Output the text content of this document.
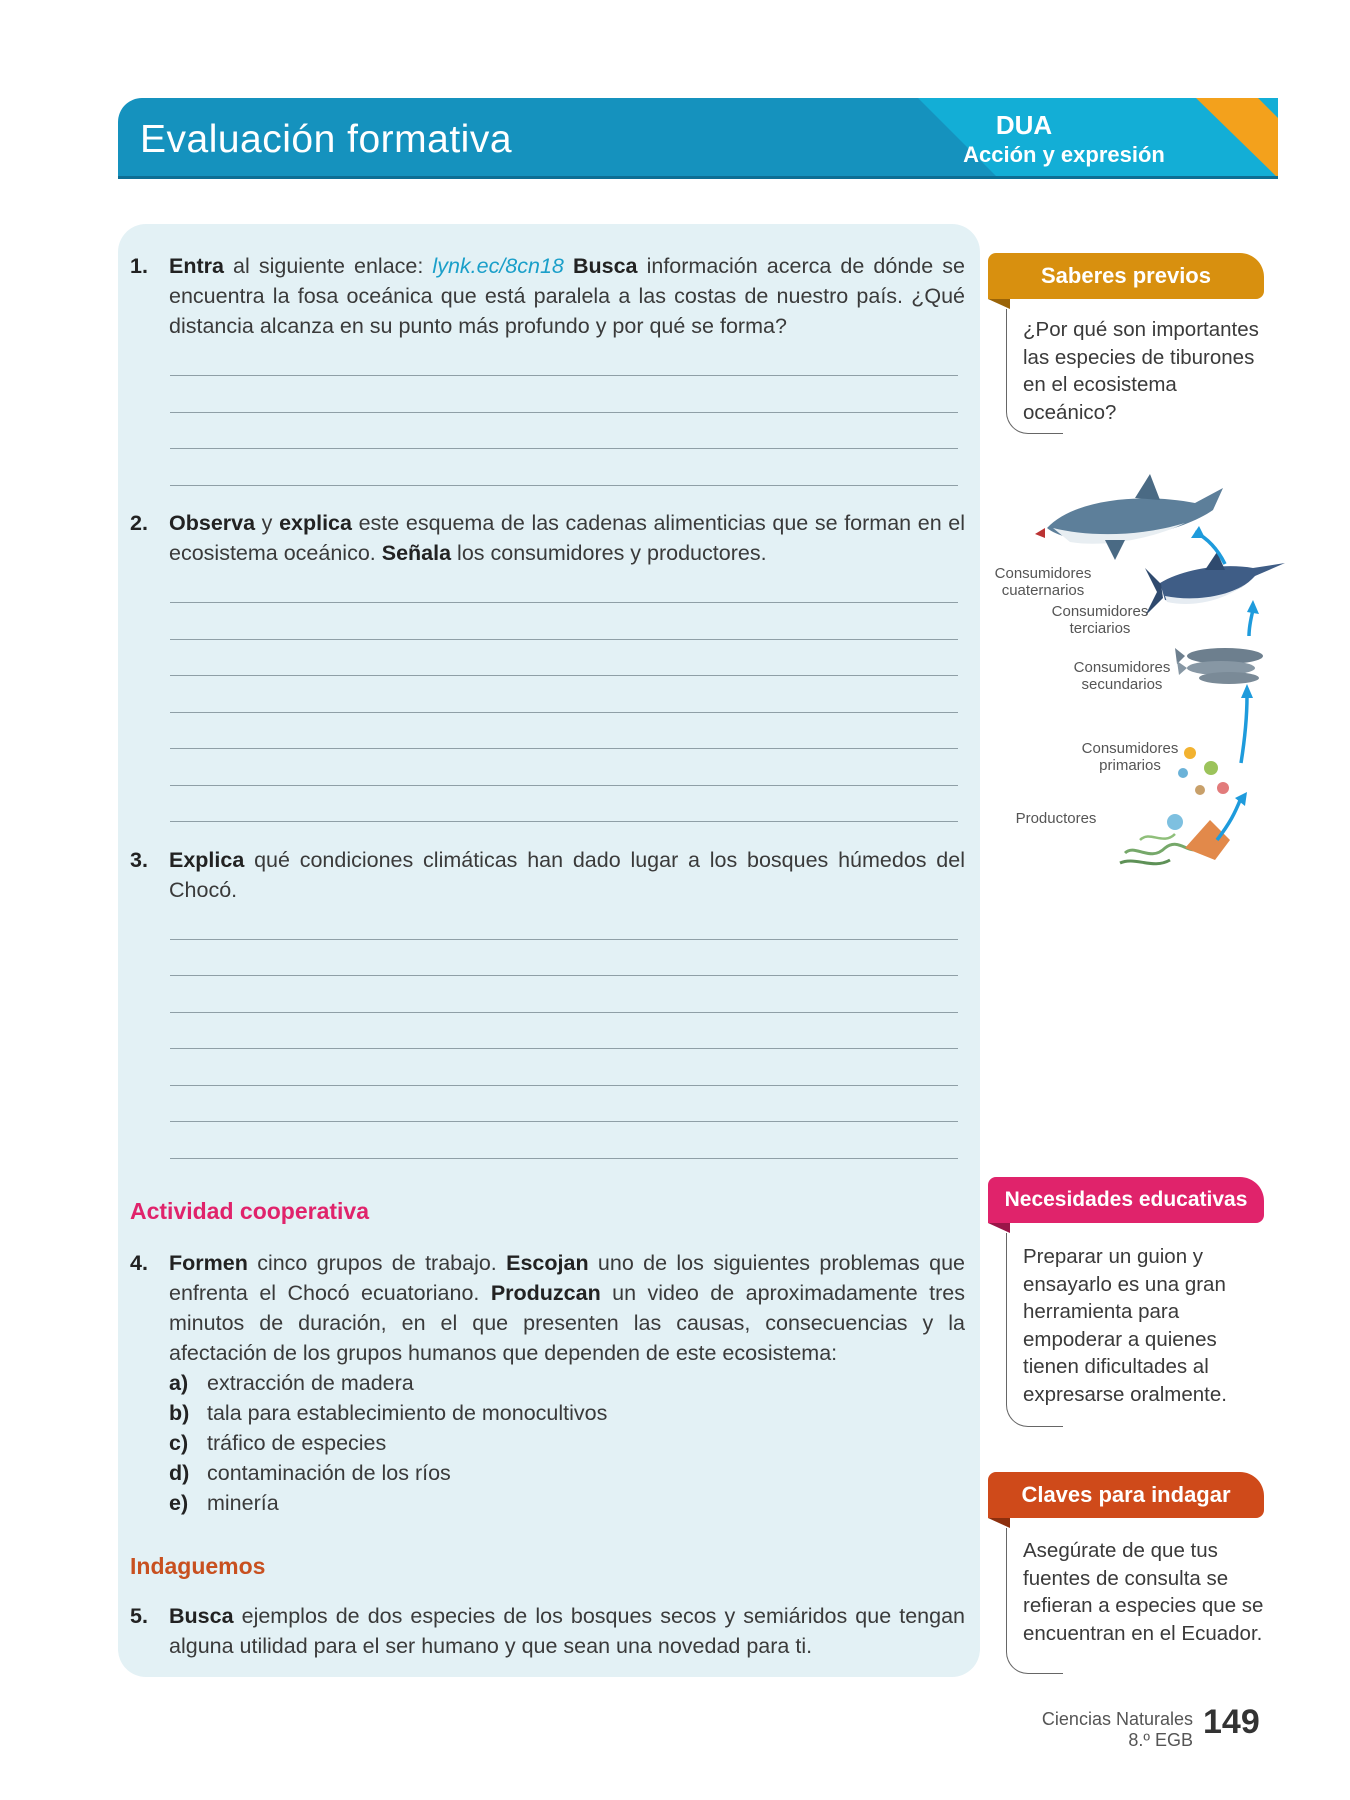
Evaluación formativa	DUA
Acción y expresión
1. Entra al siguiente enlace: lynk.ec/8cn18 Busca información acerca de dónde se encuentra la fosa oceánica que está paralela a las costas de nuestro país. ¿Qué distancia alcanza en su punto más profundo y por qué se forma?
2. Observa y explica este esquema de las cadenas alimenticias que se forman en el ecosistema oceánico. Señala los consumidores y productores.
3. Explica qué condiciones climáticas han dado lugar a los bosques húmedos del Chocó.
Actividad cooperativa
4. Formen cinco grupos de trabajo. Escojan uno de los siguientes problemas que enfrenta el Chocó ecuatoriano. Produzcan un video de aproximadamente tres minutos de duración, en el que presenten las causas, consecuencias y la afectación de los grupos humanos que dependen de este ecosistema:
a) extracción de madera
b) tala para establecimiento de monocultivos
c) tráfico de especies
d) contaminación de los ríos
e) minería
Indaguemos
5. Busca ejemplos de dos especies de los bosques secos y semiáridos que tengan alguna utilidad para el ser humano y que sean una novedad para ti.
Saberes previos
¿Por qué son importantes las especies de tiburones en el ecosistema oceánico?
Consumidores
cuaternarios
Consumidores
terciarios
Consumidores
secundarios
Consumidores
primarios
Productores
Necesidades educativas
Preparar un guion y ensayarlo es una gran herramienta para empoderar a quienes tienen dificultades al expresarse oralmente.
Claves para indagar
Asegúrate de que tus fuentes de consulta se refieran a especies que se encuentran en el Ecuador.
Ciencias Naturales
8.º EGB 149
